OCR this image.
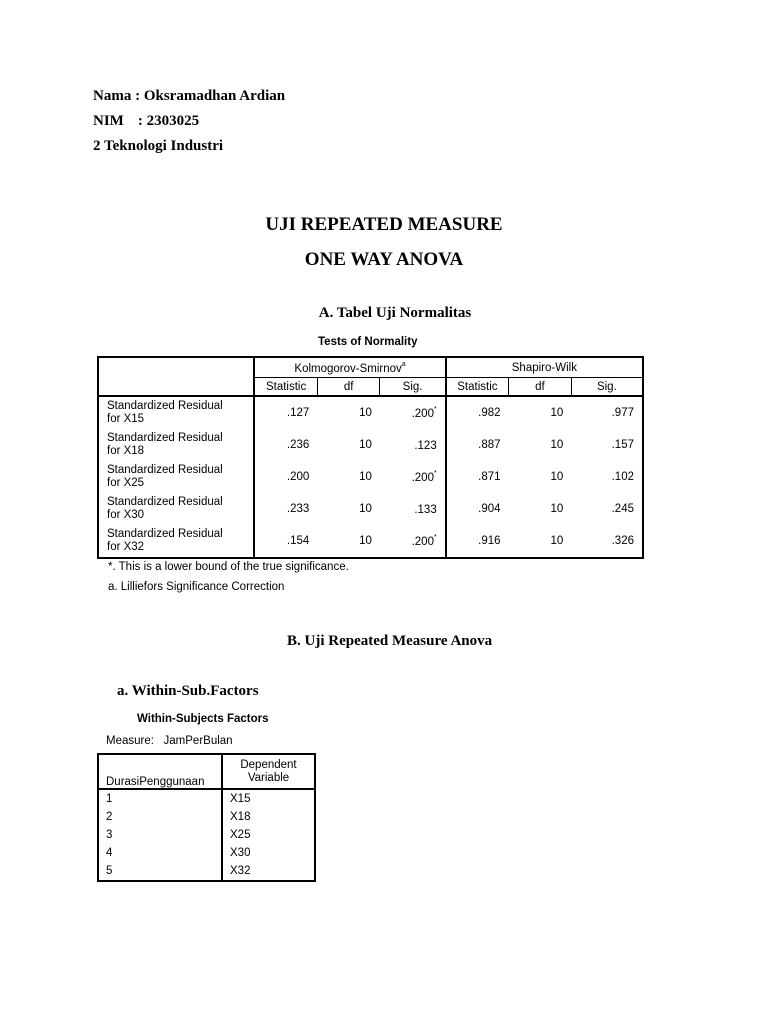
Nama : Oksramadhan Ardian
NIM : 2303025
2 Teknologi Industri
UJI REPEATED MEASURE
ONE WAY ANOVA
A. Tabel Uji Normalitas
Tests of Normality
	Kolmogorov-Smirnov$^a$			Shapiro-Wilk		
	Statistic	df	Sig.	Statistic	df	Sig.
Standardized Residual
for X15	.127	10	.200*	.982	10	.977
Standardized Residual
for X18	.236	10	.123	.887	10	.157
Standardized Residual
for X25	.200	10	.200*	.871	10	.102
Standardized Residual
for X30	.233	10	.133	.904	10	.245
Standardized Residual
for X32	.154	10	.200*	.916	10	.326
*. This is a lower bound of the true significance.
a. Lilliefors Significance Correction
B. Uji Repeated Measure Anova
a. Within-Sub.Factors
Within-Subjects Factors
Measure:   JamPerBulan
DurasiPenggunaan	Dependent
Variable
1	X15
2	X18
3	X25
4	X30
5	X32
